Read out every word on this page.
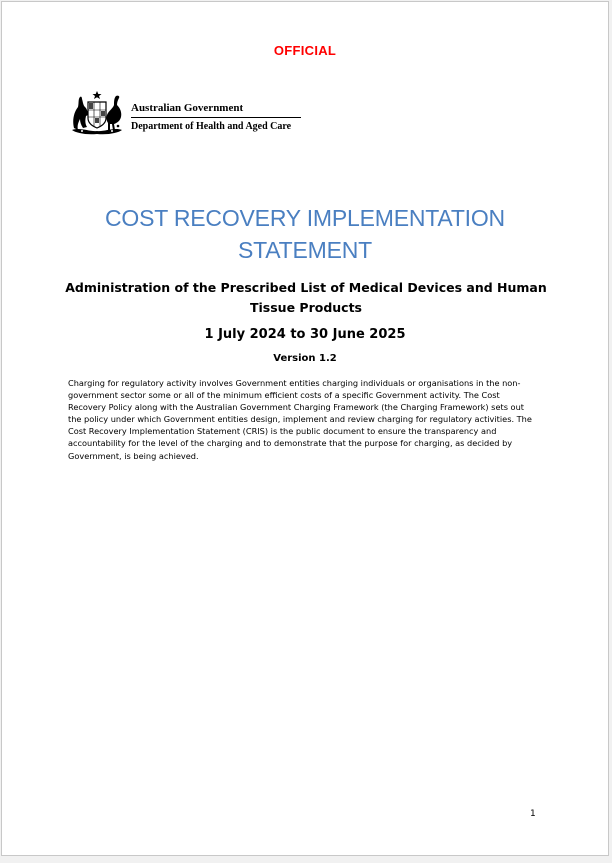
OFFICIAL
Australian Government
Department of Health and Aged Care
COST RECOVERY IMPLEMENTATION
STATEMENT
Administration of the Prescribed List of Medical Devices and Human Tissue Products
1 July 2024 to 30 June 2025
Version 1.2
Charging for regulatory activity involves Government entities charging individuals or organisations in the non-government sector some or all of the minimum efficient costs of a specific Government activity. The Cost Recovery Policy along with the Australian Government Charging Framework (the Charging Framework) sets out the policy under which Government entities design, implement and review charging for regulatory activities. The Cost Recovery Implementation Statement (CRIS) is the public document to ensure the transparency and accountability for the level of the charging and to demonstrate that the purpose for charging, as decided by Government, is being achieved.
1
